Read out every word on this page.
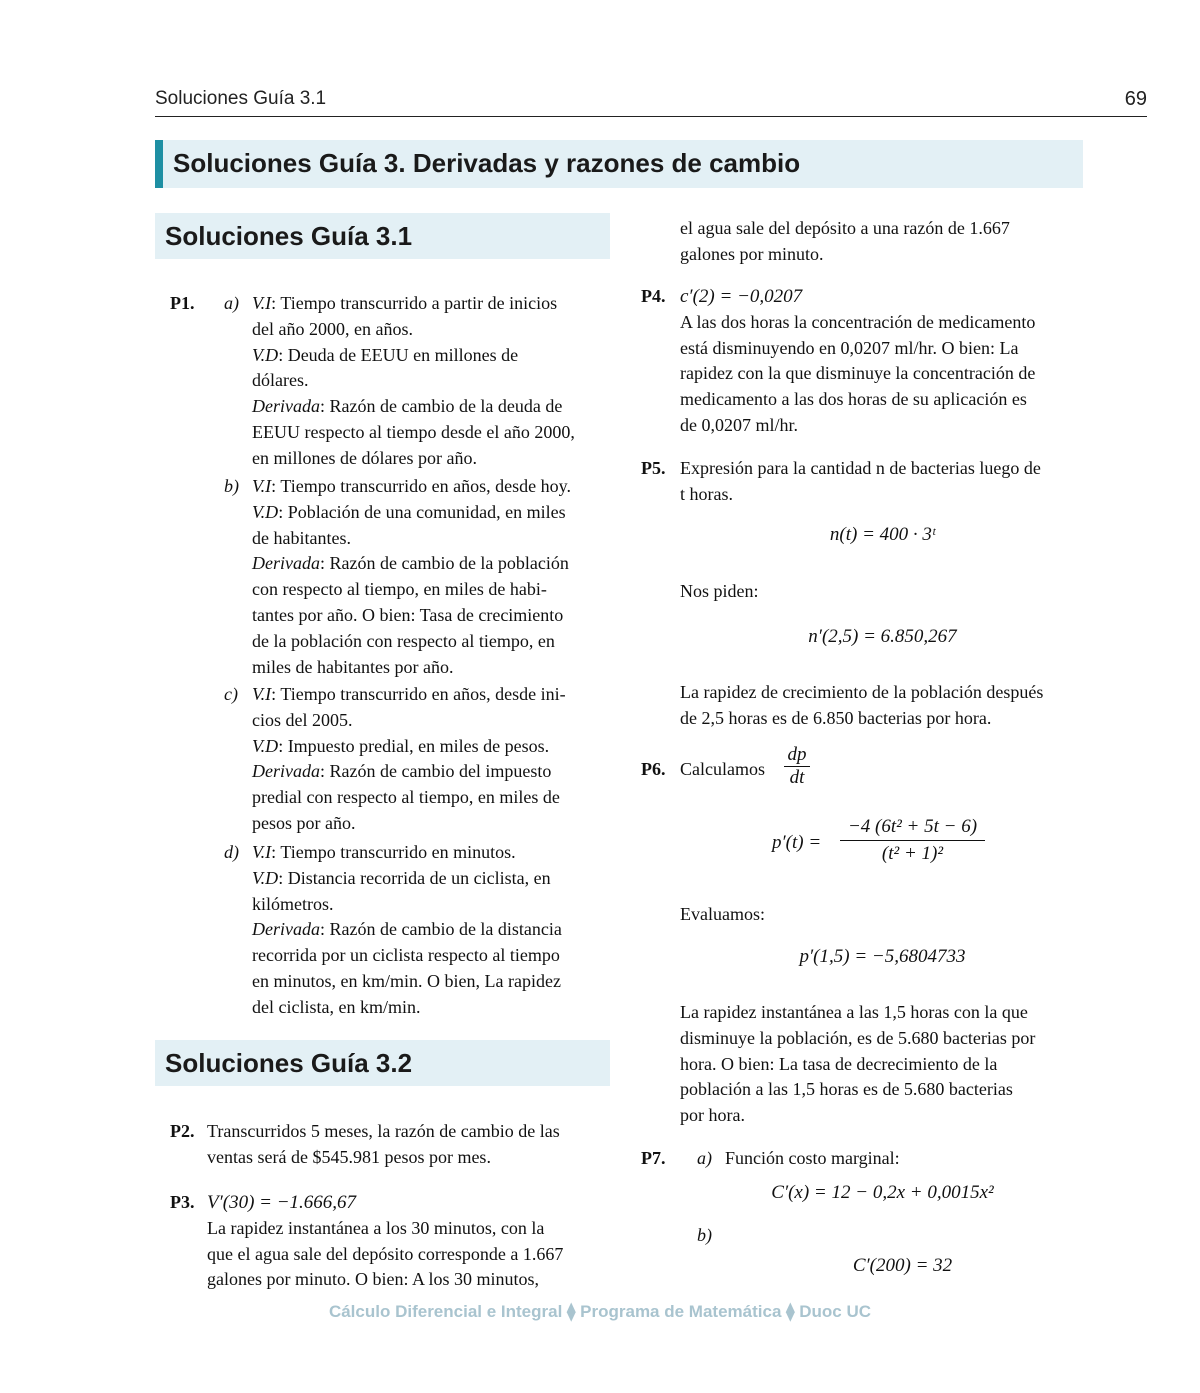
Soluciones Guía 3.1	69
Soluciones Guía 3. Derivadas y razones de cambio
Soluciones Guía 3.1
P1. a) V.I: Tiempo transcurrido a partir de inicios
del año 2000, en años.
V.D: Deuda de EEUU en millones de
dólares.
Derivada: Razón de cambio de la deuda de
EEUU respecto al tiempo desde el año 2000,
en millones de dólares por año.
b) V.I: Tiempo transcurrido en años, desde hoy.
V.D: Población de una comunidad, en miles
de habitantes.
Derivada: Razón de cambio de la población
con respecto al tiempo, en miles de habi-
tantes por año. O bien: Tasa de crecimiento
de la población con respecto al tiempo, en
miles de habitantes por año.
c) V.I: Tiempo transcurrido en años, desde ini-
cios del 2005.
V.D: Impuesto predial, en miles de pesos.
Derivada: Razón de cambio del impuesto
predial con respecto al tiempo, en miles de
pesos por año.
d) V.I: Tiempo transcurrido en minutos.
V.D: Distancia recorrida de un ciclista, en
kilómetros.
Derivada: Razón de cambio de la distancia
recorrida por un ciclista respecto al tiempo
en minutos, en km/min. O bien, La rapidez
del ciclista, en km/min.
Soluciones Guía 3.2
P2. Transcurridos 5 meses, la razón de cambio de las
ventas será de $545.981 pesos por mes.
P3. V′(30) = −1.666,67
La rapidez instantánea a los 30 minutos, con la
que el agua sale del depósito corresponde a 1.667
galones por minuto. O bien: A los 30 minutos,
el agua sale del depósito a una razón de 1.667
galones por minuto.
P4. c′(2) = −0,0207
A las dos horas la concentración de medicamento
está disminuyendo en 0,0207 ml/hr. O bien: La
rapidez con la que disminuye la concentración de
medicamento a las dos horas de su aplicación es
de 0,0207 ml/hr.
P5. Expresión para la cantidad n de bacterias luego de
t horas.
n(t) = 400 · 3ᵗ
Nos piden:
n′(2,5) = 6.850,267
La rapidez de crecimiento de la población después
de 2,5 horas es de 6.850 bacterias por hora.
P6. Calculamos $\frac{dp}{dt}$
$p'(t) = \frac{\text{−4 (6t² + 5t − 6)}}{\text{(t² + 1)²}}$
Evaluamos:
p′(1,5) = −5,6804733
La rapidez instantánea a las 1,5 horas con la que
disminuye la población, es de 5.680 bacterias por
hora. O bien: La tasa de decrecimiento de la
población a las 1,5 horas es de 5.680 bacterias
por hora.
P7. a) Función costo marginal:
C′(x) = 12 − 0,2x + 0,0015x²
b)
C′(200) = 32
Cálculo Diferencial e Integral ⧫ Programa de Matemática ⧫ Duoc UC
